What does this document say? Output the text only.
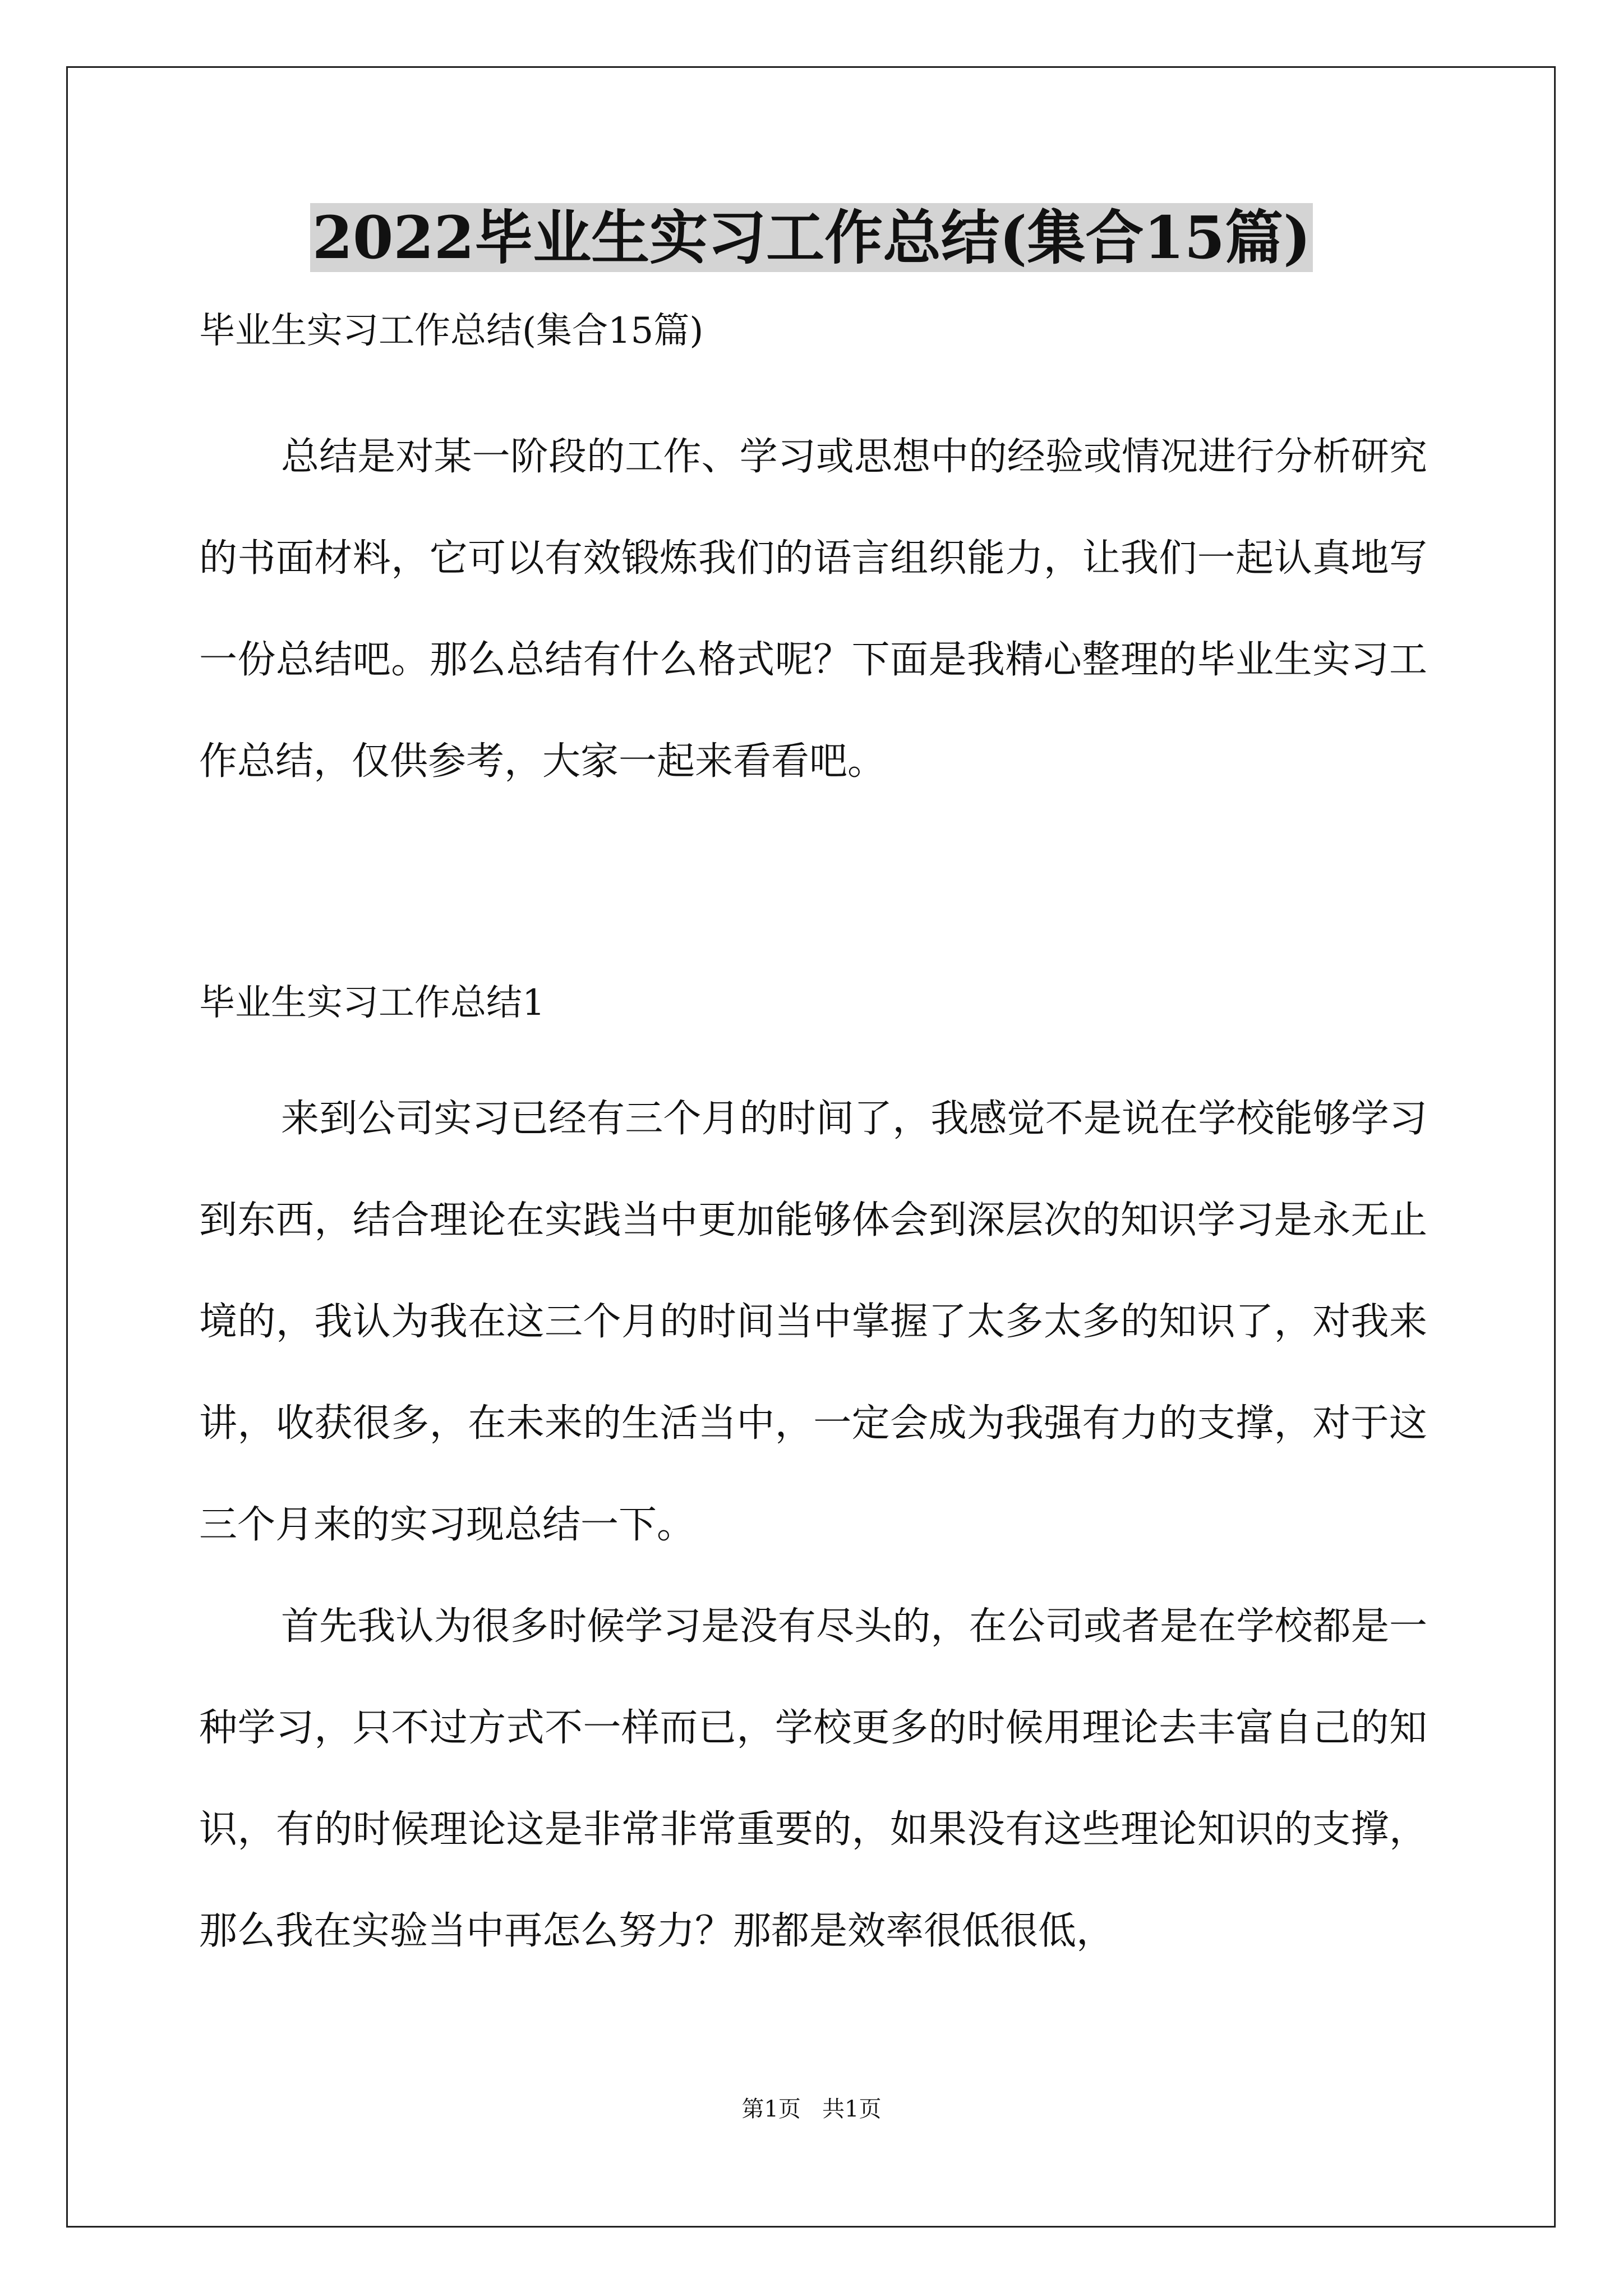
2022毕业生实习工作总结(集合15篇)

毕业生实习工作总结(集合15篇)

总结是对某一阶段的工作、学习或思想中的经验或情况进行分析研究的书面材料，它可以有效锻炼我们的语言组织能力，让我们一起认真地写一份总结吧。那么总结有什么格式呢？下面是我精心整理的毕业生实习工作总结，仅供参考，大家一起来看看吧。

毕业生实习工作总结1

来到公司实习已经有三个月的时间了，我感觉不是说在学校能够学习到东西，结合理论在实践当中更加能够体会到深层次的知识学习是永无止境的，我认为我在这三个月的时间当中掌握了太多太多的知识了，对我来讲，收获很多，在未来的生活当中，一定会成为我强有力的支撑，对于这三个月来的实习现总结一下。

首先我认为很多时候学习是没有尽头的，在公司或者是在学校都是一种学习，只不过方式不一样而已，学校更多的时候用理论去丰富自己的知识，有的时候理论这是非常非常重要的，如果没有这些理论知识的支撑，那么我在实验当中再怎么努力？那都是效率很低很低，

第1页   共1页
